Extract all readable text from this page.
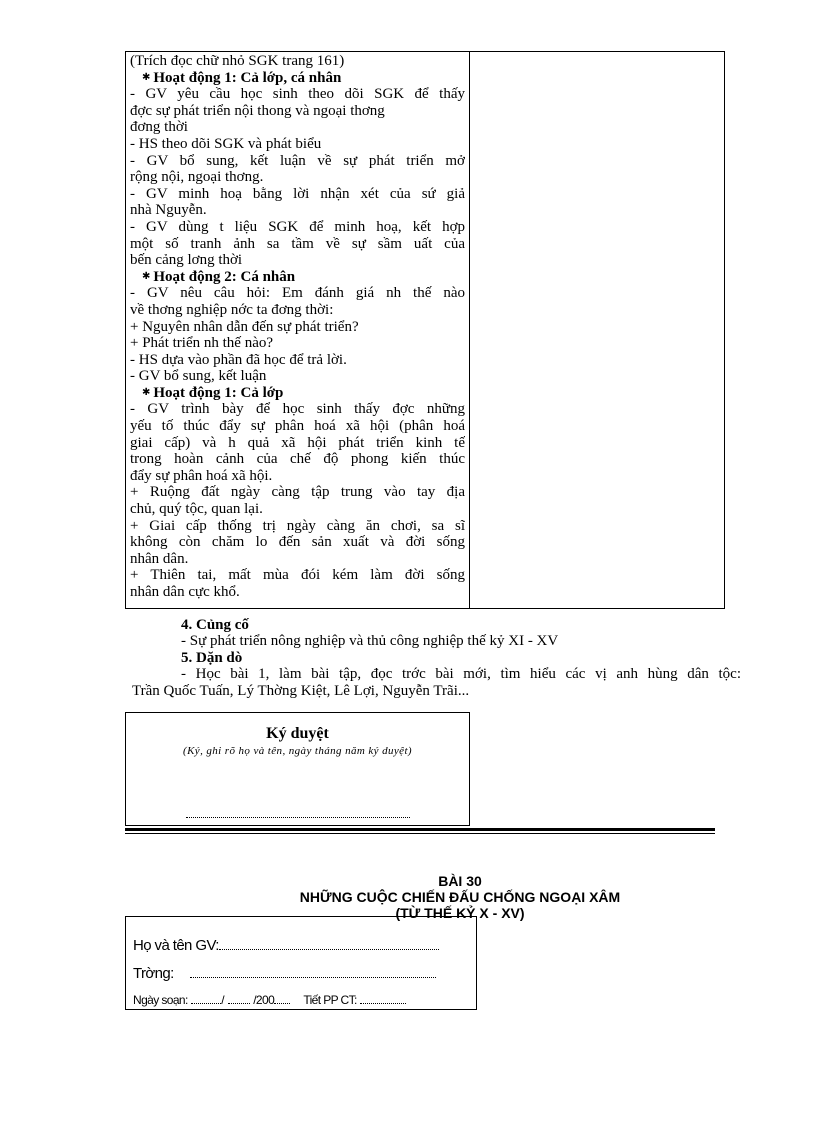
(Trích đọc chữ nhỏ SGK trang 161)
✱ Hoạt động 1: Cả lớp, cá nhân
- GV yêu cầu học sinh theo dõi SGK để thấy
đợc sự phát triển nội thong và ngoại thơng
đơng thời
- HS theo dõi SGK và phát biểu
- GV bổ sung, kết luận về sự phát triển mở
rộng nội, ngoại thơng.
- GV minh hoạ bằng lời nhận xét của sứ giả
nhà Nguyễn.
- GV dùng t liệu SGK để minh hoạ, kết hợp
một số tranh ảnh sa tầm về sự sầm uất của
bến cảng lơng thời
✱ Hoạt động 2: Cá nhân
- GV nêu câu hỏi: Em đánh giá nh thế nào
về thơng nghiệp nớc ta đơng thời:
+ Nguyên nhân dẫn đến sự phát triển?
+ Phát triển nh thế nào?
- HS dựa vào phần đã học để trả lời.
- GV bổ sung, kết luận
✱ Hoạt động 1: Cả lớp
- GV trình bày để học sinh thấy đợc những
yếu tố thúc đẩy sự phân hoá xã hội (phân hoá
giai cấp) và h quả xã hội phát triển kinh tế
trong hoàn cảnh của chế độ phong kiến thúc
đẩy sự phân hoá xã hội.
+ Ruộng đất ngày càng tập trung vào tay địa
chủ, quý tộc, quan lại.
+ Giai cấp thống trị ngày càng ăn chơi, sa sĩ
không còn chăm lo đến sản xuất và đời sống
nhân dân.
+ Thiên tai, mất mùa đói kém làm đời sống
nhân dân cực khổ.
4. Củng cố
- Sự phát triển nông nghiệp và thủ công nghiệp thế kỷ XI - XV
5. Dặn dò
- Học bài 1, làm bài tập, đọc trớc bài mới, tìm hiểu các vị anh hùng dân tộc:
Trần Quốc Tuấn, Lý Thờng Kiệt, Lê Lợi, Nguyễn Trãi...
Ký duyệt
(Ký, ghi rõ họ và tên, ngày tháng năm ký duyệt)
BÀI 30
NHỮNG CUỘC CHIẾN ĐẤU CHỐNG NGOẠI XÂM
(TỪ THẾ KỶ X - XV)
Họ và tên GV:
Trờng:
Ngày soạn:	/ /200 Tiết PP CT:
